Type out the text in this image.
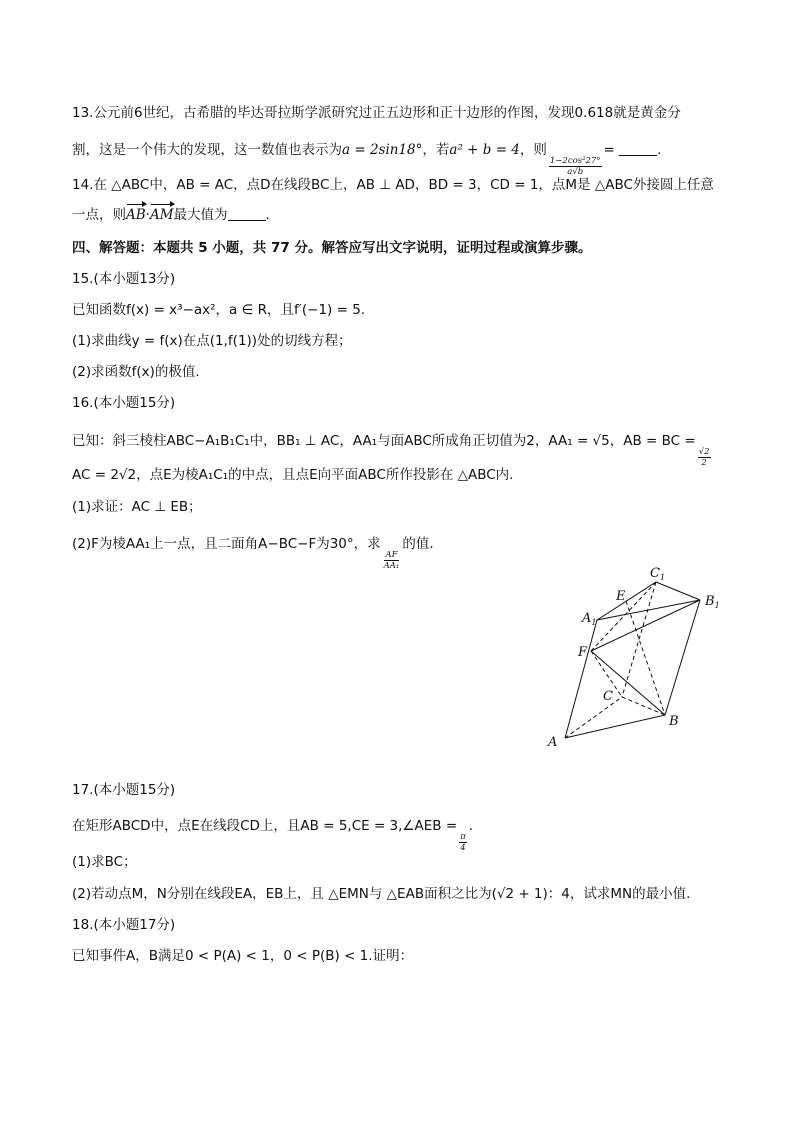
13.公元前6世纪，古希腊的毕达哥拉斯学派研究过正五边形和正十边形的作图，发现0.618就是黄金分
割，这是一个伟大的发现，这一数值也表示为a = 2sin18°，若a² + b = 4，则
$\frac{\text{1−2cos²27°}}{a√b}$
=	.
14.在 △ABC中，AB = AC，点D在线段BC上，AB ⊥ AD，BD = 3，CD = 1，点M是 △ABC外接圆上任意
一点，则AB·AM最大值为	.
四、解答题：本题共 5 小题，共 77 分。解答应写出文字说明，证明过程或演算步骤。
15.(本小题13分)
已知函数f(x) = x³−ax²，a ∈ R，且f′(−1) = 5.
(1)求曲线y = f(x)在点(1,f(1))处的切线方程；
(2)求函数f(x)的极值.
16.(本小题15分)
已知：斜三棱柱ABC−A₁B₁C₁中，BB₁ ⊥ AC，AA₁与面ABC所成角正切值为2，AA₁ = √5，AB = BC =
$\frac{√2}{2}$
AC = 2√2，点E为棱A₁C₁的中点，且点E向平面ABC所作投影在 △ABC内.
(1)求证：AC ⊥ EB；
(2)F为棱AA₁上一点，且二面角A−BC−F为30°，求
$\frac{AF}{\text{AA₁}}$
的值.
$C_1$
$B_1$
E
$A_1$
F
C
B
A
17.(本小题15分)
在矩形ABCD中，点E在线段CD上，且AB = 5,CE = 3,∠AEB =
$\frac{\pi}{4}$
.
(1)求BC；
(2)若动点M，N分别在线段EA，EB上，且 △EMN与 △EAB面积之比为(√2 + 1)：4，试求MN的最小值.
18.(本小题17分)
已知事件A，B满足0 < P(A) < 1，0 < P(B) < 1.证明：
